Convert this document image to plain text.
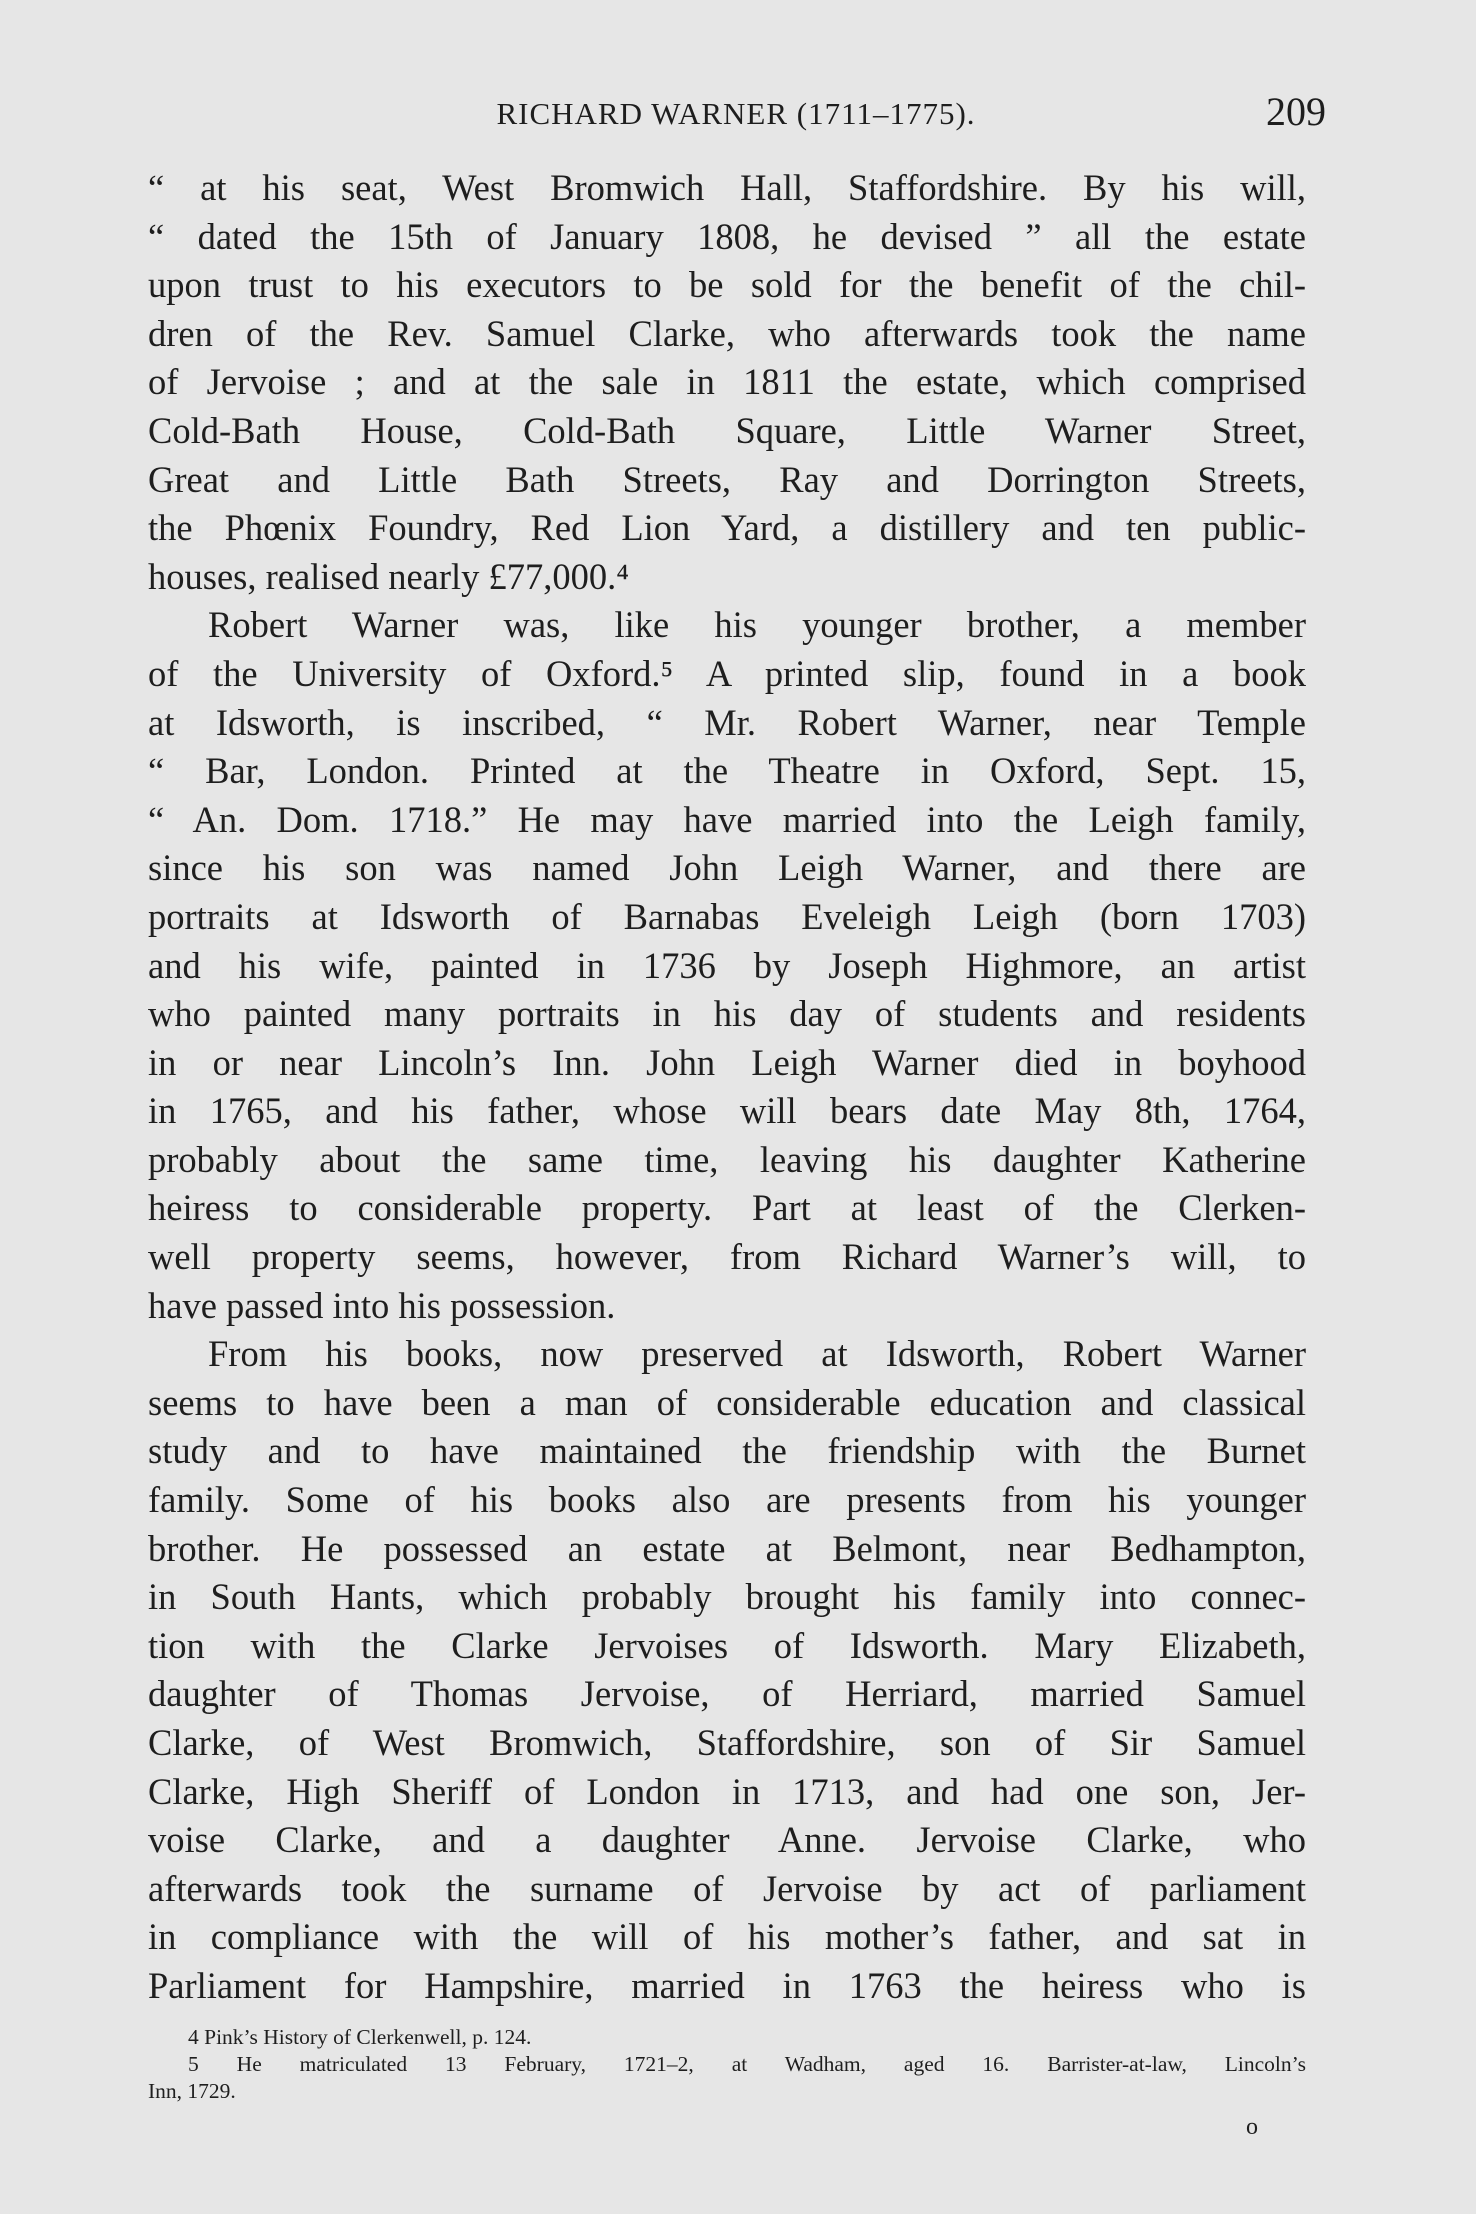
RICHARD WARNER (1711–1775).	209
“ at his seat, West Bromwich Hall, Staffordshire. By his will,
“ dated the 15th of January 1808, he devised ” all the estate
upon trust to his executors to be sold for the benefit of the chil-
dren of the Rev. Samuel Clarke, who afterwards took the name
of Jervoise ; and at the sale in 1811 the estate, which comprised
Cold-Bath House, Cold-Bath Square, Little Warner Street,
Great and Little Bath Streets, Ray and Dorrington Streets,
the Phœnix Foundry, Red Lion Yard, a distillery and ten public-
houses, realised nearly £77,000.⁴
Robert Warner was, like his younger brother, a member
of the University of Oxford.⁵ A printed slip, found in a book
at Idsworth, is inscribed, “ Mr. Robert Warner, near Temple
“ Bar, London. Printed at the Theatre in Oxford, Sept. 15,
“ An. Dom. 1718.” He may have married into the Leigh family,
since his son was named John Leigh Warner, and there are
portraits at Idsworth of Barnabas Eveleigh Leigh (born 1703)
and his wife, painted in 1736 by Joseph Highmore, an artist
who painted many portraits in his day of students and residents
in or near Lincoln’s Inn. John Leigh Warner died in boyhood
in 1765, and his father, whose will bears date May 8th, 1764,
probably about the same time, leaving his daughter Katherine
heiress to considerable property. Part at least of the Clerken-
well property seems, however, from Richard Warner’s will, to
have passed into his possession.
From his books, now preserved at Idsworth, Robert Warner
seems to have been a man of considerable education and classical
study and to have maintained the friendship with the Burnet
family. Some of his books also are presents from his younger
brother. He possessed an estate at Belmont, near Bedhampton,
in South Hants, which probably brought his family into connec-
tion with the Clarke Jervoises of Idsworth. Mary Elizabeth,
daughter of Thomas Jervoise, of Herriard, married Samuel
Clarke, of West Bromwich, Staffordshire, son of Sir Samuel
Clarke, High Sheriff of London in 1713, and had one son, Jer-
voise Clarke, and a daughter Anne. Jervoise Clarke, who
afterwards took the surname of Jervoise by act of parliament
in compliance with the will of his mother’s father, and sat in
Parliament for Hampshire, married in 1763 the heiress who is
4 Pink’s History of Clerkenwell, p. 124.
5 He matriculated 13 February, 1721–2, at Wadham, aged 16. Barrister-at-law, Lincoln’s
Inn, 1729.
o
